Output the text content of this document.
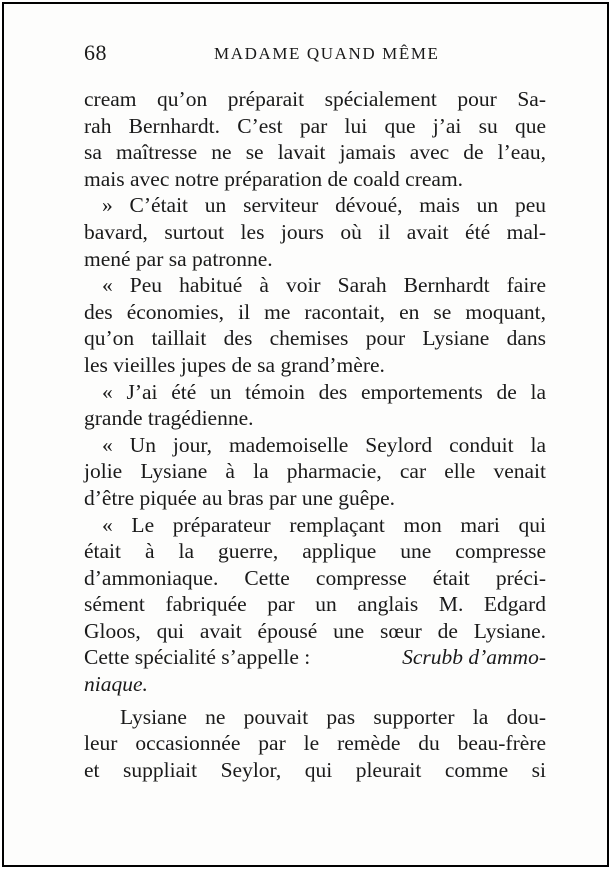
68	MADAME QUAND MÊME
cream qu’on préparait spécialement pour Sa-
rah Bernhardt. C’est par lui que j’ai su que
sa maîtresse ne se lavait jamais avec de l’eau,
mais avec notre préparation de coald cream.
» C’était un serviteur dévoué, mais un peu
bavard, surtout les jours où il avait été mal-
mené par sa patronne.
« Peu habitué à voir Sarah Bernhardt faire
des économies, il me racontait, en se moquant,
qu’on taillait des chemises pour Lysiane dans
les vieilles jupes de sa grand’mère.
« J’ai été un témoin des emportements de la
grande tragédienne.
« Un jour, mademoiselle Seylord conduit la
jolie Lysiane à la pharmacie, car elle venait
d’être piquée au bras par une guêpe.
« Le préparateur remplaçant mon mari qui
était à la guerre, applique une compresse
d’ammoniaque. Cette compresse était préci-
sément fabriquée par un anglais M. Edgard
Gloos, qui avait épousé une sœur de Lysiane.
Cette spécialité s’appelle :	Scrubb d’ammo-
niaque.
Lysiane ne pouvait pas supporter la dou-
leur occasionnée par le remède du beau-frère
et suppliait Seylor, qui pleurait comme si
